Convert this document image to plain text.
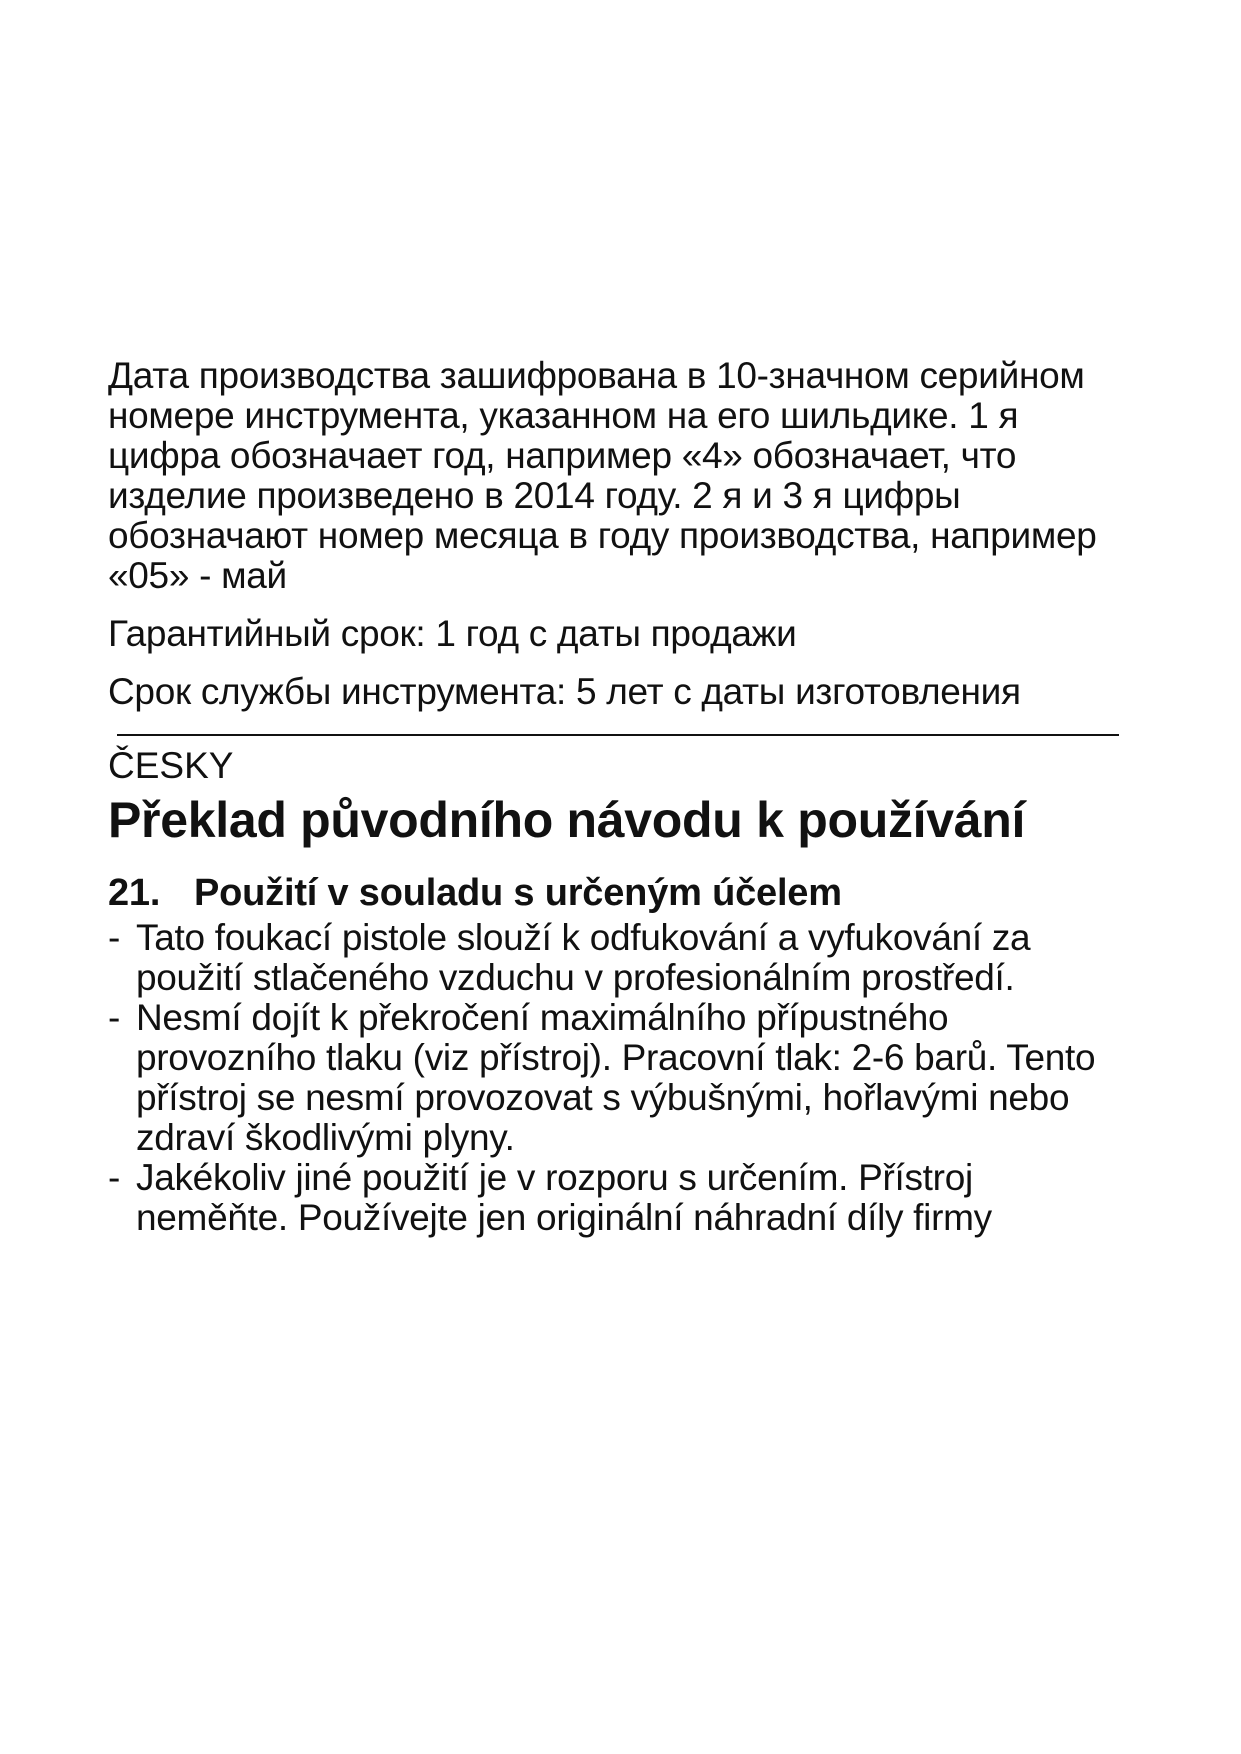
Дата производства зашифрована в 10-значном серийном номере инструмента, указанном на его шильдике. 1 я цифра обозначает год, например «4» обозначает, что изделие произведено в 2014 году. 2 я и 3 я цифры обозначают номер месяца в году производства, например «05» - май

Гарантийный срок: 1 год с даты продажи

Срок службы инструмента: 5 лет с даты изготовления

ČESKY
Překlad původního návodu k používání
21. Použití v souladu s určeným účelem
- Tato foukací pistole slouží k odfukování a vyfukování za použití stlačeného vzduchu v profesionálním prostředí.
- Nesmí dojít k překročení maximálního přípustného provozního tlaku (viz přístroj). Pracovní tlak: 2-6 barů. Tento přístroj se nesmí provozovat s výbušnými, hořlavými nebo zdraví škodlivými plyny.
- Jakékoliv jiné použití je v rozporu s určením. Přístroj neměňte. Používejte jen originální náhradní díly firmy
